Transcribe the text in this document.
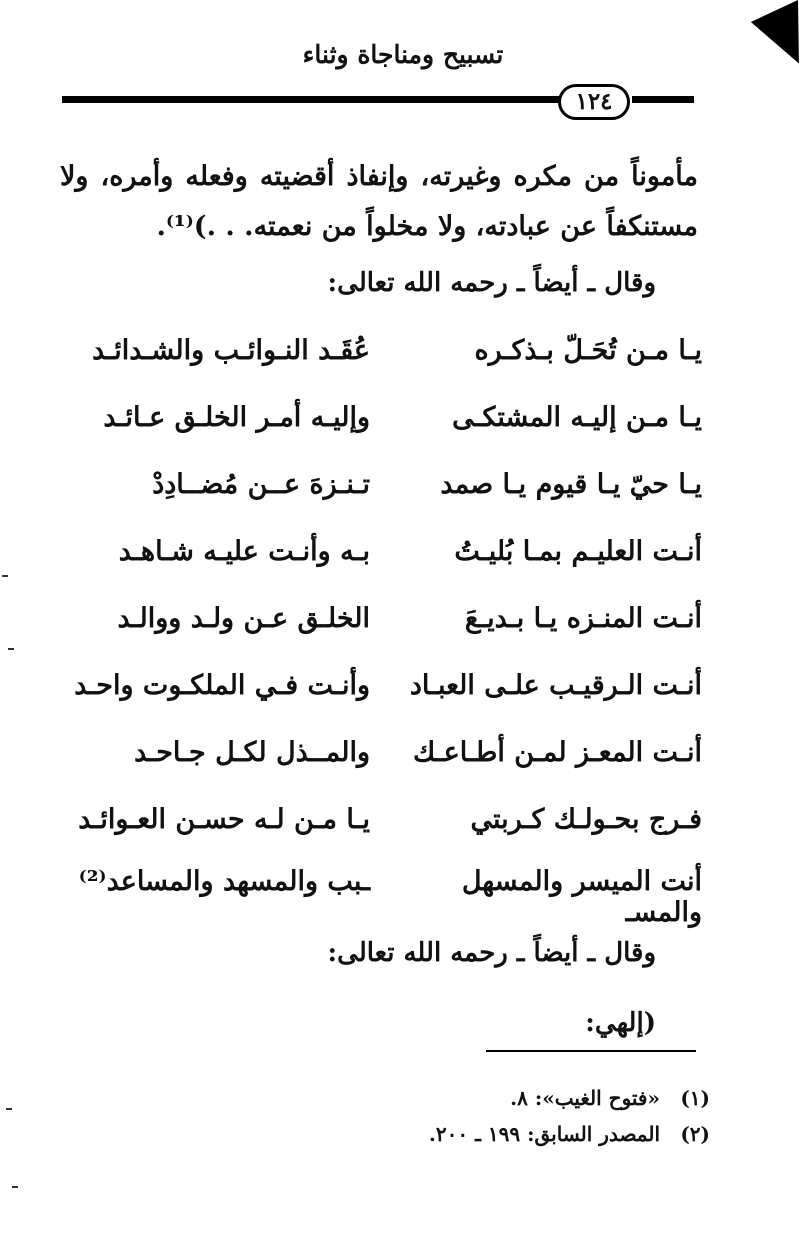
تسبيح ومناجاة وثناء
١٢٤
مأموناً من مكره وغيرته، وإنفاذ أقضيته وفعله وأمره، ولا مستنكفاً عن عبادته، ولا مخلواً من نعمته. . .)⁽¹⁾.
وقال ـ أيضاً ـ رحمه الله تعالى:
يـا مـن تُحَـلّ بـذكـره
عُقَـد النـوائـب والشـدائـد
يـا مـن إليـه المشتكـى
وإليـه أمـر الخلـق عـائـد
يـا حيّ يـا قيوم يـا صمد
تـنـزهَ عــن مُضــادِدْ
أنـت العليـم بمـا بُليـتُ
بـه وأنـت عليـه شـاهـد
أنـت المنـزه يـا بـديـعَ
الخلـق عـن ولـد ووالـد
أنـت الـرقيـب علـى العبـاد
وأنـت فـي الملكـوت واحـد
أنـت المعـز لمـن أطـاعـك
والمــذل لكـل جـاحـد
فـرج بحـولـك كـربتي
يـا مـن لـه حسـن العـوائـد
أنت الميسر والمسهل والمسـ
ـبب والمسهد والمساعد⁽²⁾
وقال ـ أيضاً ـ رحمه الله تعالى:
(إلهي:
(١)«فتوح الغيب»: ٨.
(٢)المصدر السابق: ١٩٩ ـ ٢٠٠.
